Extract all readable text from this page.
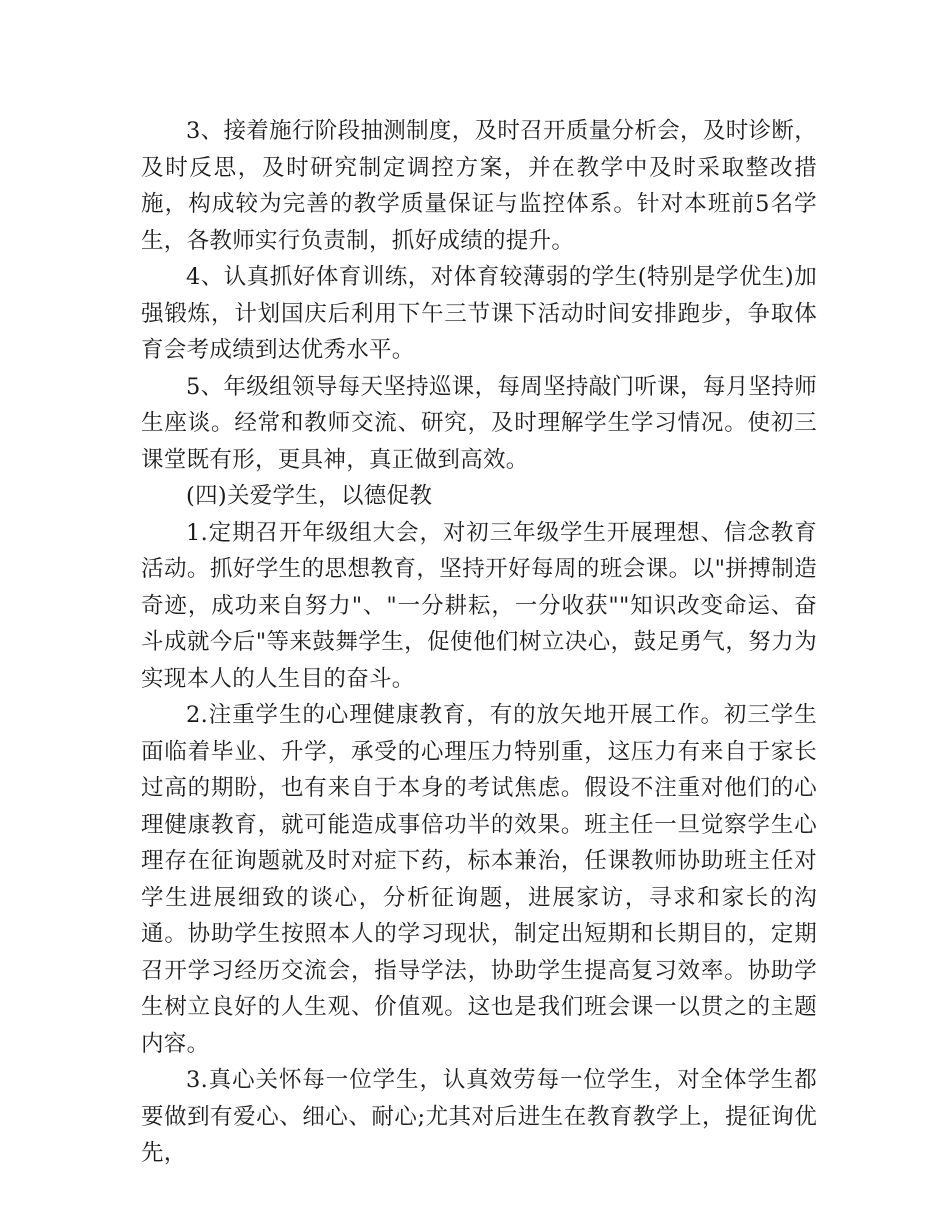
3、接着施行阶段抽测制度，及时召开质量分析会，及时诊断，及时反思，及时研究制定调控方案，并在教学中及时采取整改措施，构成较为完善的教学质量保证与监控体系。针对本班前5名学生，各教师实行负责制，抓好成绩的提升。

4、认真抓好体育训练，对体育较薄弱的学生(特别是学优生)加强锻炼，计划国庆后利用下午三节课下活动时间安排跑步，争取体育会考成绩到达优秀水平。

5、年级组领导每天坚持巡课，每周坚持敲门听课，每月坚持师生座谈。经常和教师交流、研究，及时理解学生学习情况。使初三课堂既有形，更具神，真正做到高效。

(四)关爱学生，以德促教

1.定期召开年级组大会，对初三年级学生开展理想、信念教育活动。抓好学生的思想教育，坚持开好每周的班会课。以"拼搏制造奇迹，成功来自努力"、"一分耕耘，一分收获""知识改变命运、奋斗成就今后"等来鼓舞学生，促使他们树立决心，鼓足勇气，努力为实现本人的人生目的奋斗。

2.注重学生的心理健康教育，有的放矢地开展工作。初三学生面临着毕业、升学，承受的心理压力特别重，这压力有来自于家长过高的期盼，也有来自于本身的考试焦虑。假设不注重对他们的心理健康教育，就可能造成事倍功半的效果。班主任一旦觉察学生心理存在征询题就及时对症下药，标本兼治，任课教师协助班主任对学生进展细致的谈心，分析征询题，进展家访，寻求和家长的沟通。协助学生按照本人的学习现状，制定出短期和长期目的，定期召开学习经历交流会，指导学法，协助学生提高复习效率。协助学生树立良好的人生观、价值观。这也是我们班会课一以贯之的主题内容。

3.真心关怀每一位学生，认真效劳每一位学生，对全体学生都要做到有爱心、细心、耐心;尤其对后进生在教育教学上，提征询优先，
